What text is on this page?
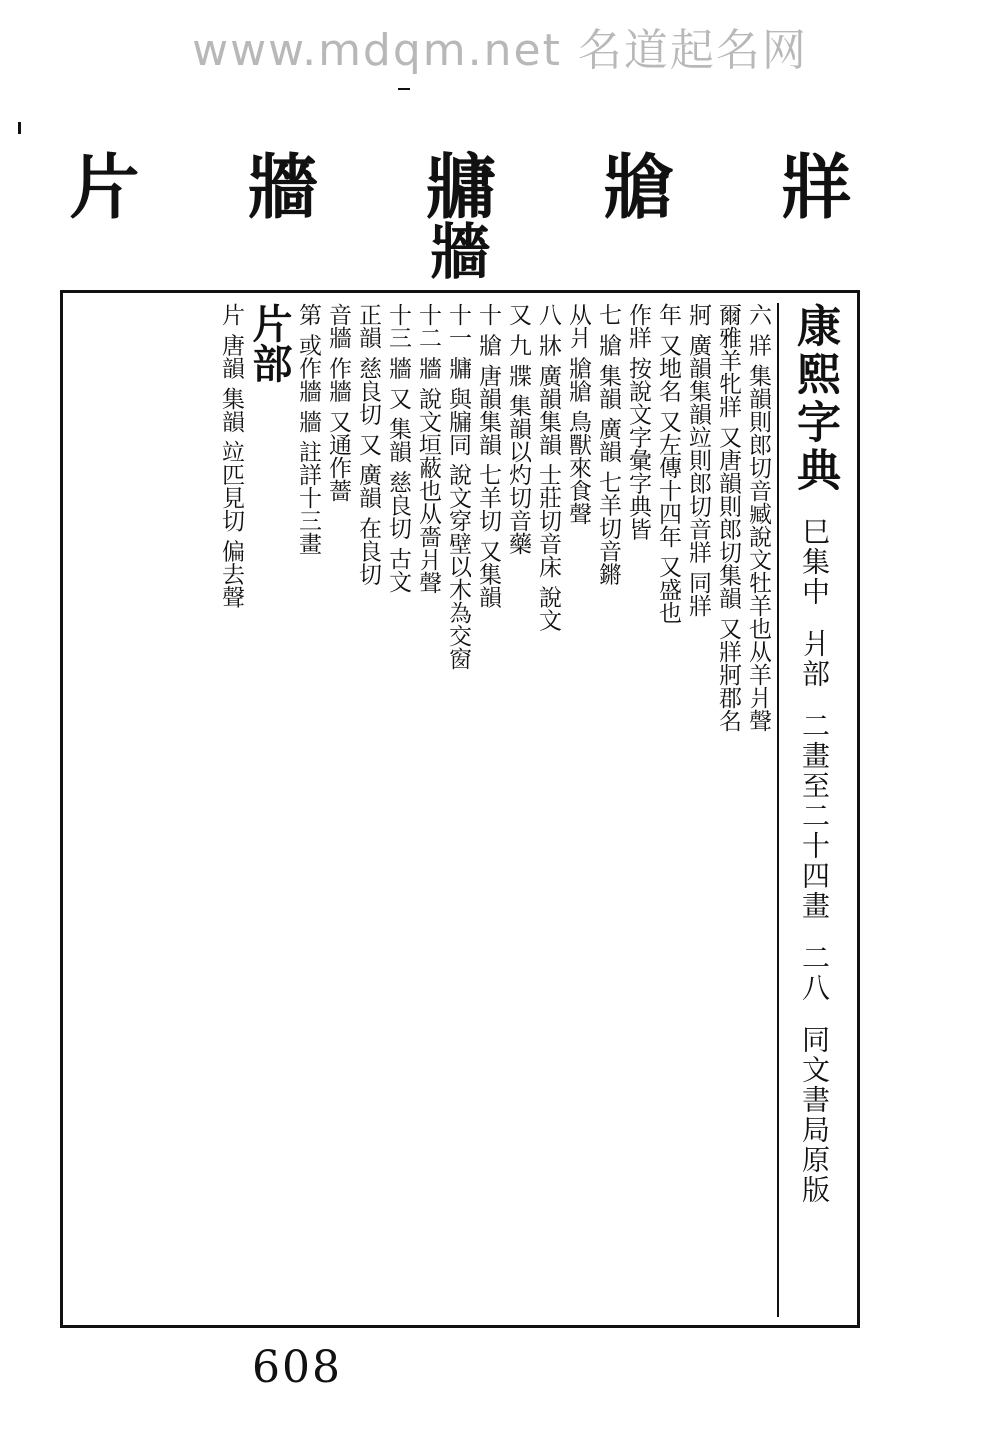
www.mdqm.net 名道起名网
牂
牄
牅
牆
牆
片
康熙字典
巳集中
爿部
二畫至二十四畫
二八
同文書局原版
六 牂 集韻則郎切音臧說文牡羊也从羊爿聲
爾雅羊牝牂 又唐韻則郎切集韻 又牂牁郡名
牁 廣韻集韻竝則郎切音牂 同牂
年 又地名 又左傳十四年 又盛也
作牂 按說文字彙字典皆
七 牄 集韻 廣韻 七羊切音鏘
从爿 牄牄 鳥獸來食聲
八 牀 廣韻集韻 士莊切音床 說文
又 九 牃 集韻以灼切音藥
十 牄 唐韻集韻 七羊切 又集韻
十一 牅 與牖同 說文穿壁以木為交窗
十二 牆 說文垣蔽也从嗇爿聲
十三 牆 又 集韻 慈良切 古文
正韻 慈良切 又 廣韻 在良切
音牆 作牆 又通作薔
第 或作牆 牆 註詳十三畫
片部
片 唐韻 集韻 竝匹見切 偏去聲
608
